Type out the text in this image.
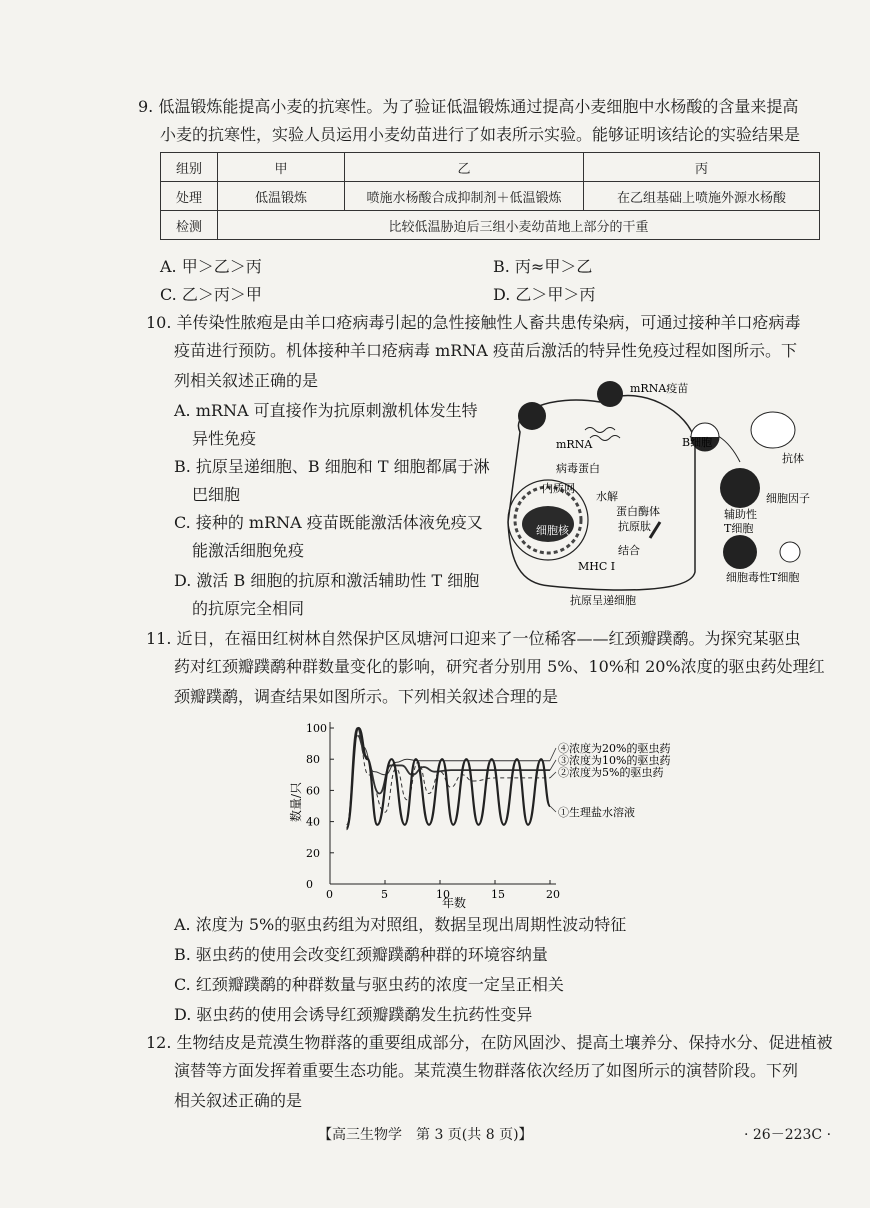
9. 低温锻炼能提高小麦的抗寒性。为了验证低温锻炼通过提高小麦细胞中水杨酸的含量来提高
小麦的抗寒性，实验人员运用小麦幼苗进行了如表所示实验。能够证明该结论的实验结果是
组别	甲	乙	丙
处理	低温锻炼	喷施水杨酸合成抑制剂＋低温锻炼	在乙组基础上喷施外源水杨酸
检测	比较低温胁迫后三组小麦幼苗地上部分的干重		
A. 甲＞乙＞丙	B. 丙≈甲＞乙
C. 乙＞丙＞甲	D. 乙＞甲＞丙
10. 羊传染性脓疱是由羊口疮病毒引起的急性接触性人畜共患传染病，可通过接种羊口疮病毒
疫苗进行预防。机体接种羊口疮病毒 mRNA 疫苗后激活的特异性免疫过程如图所示。下
列相关叙述正确的是
A. mRNA 可直接作为抗原刺激机体发生特
异性免疫
B. 抗原呈递细胞、B 细胞和 T 细胞都属于淋
巴细胞
C. 接种的 mRNA 疫苗既能激活体液免疫又
能激活细胞免疫
D. 激活 B 细胞的抗原和激活辅助性 T 细胞
的抗原完全相同
mRNA疫苗
B细胞
抗体
mRNA
病毒蛋白
内质网
水解
蛋白酶体
抗原肽
细胞核
MHC Ⅰ
结合
细胞因子
辅助性
T细胞
细胞毒性T细胞
抗原呈递细胞
11. 近日，在福田红树林自然保护区凤塘河口迎来了一位稀客——红颈瓣蹼鹬。为探究某驱虫
药对红颈瓣蹼鹬种群数量变化的影响，研究者分别用 5%、10%和 20%浓度的驱虫药处理红
颈瓣蹼鹬，调查结果如图所示。下列相关叙述合理的是
0	5	10	15	20
0
20
40
60
80
100
④浓度为20%的驱虫药
③浓度为10%的驱虫药
②浓度为5%的驱虫药
①生理盐水溶液
年数
数量/只
A. 浓度为 5%的驱虫药组为对照组，数据呈现出周期性波动特征
B. 驱虫药的使用会改变红颈瓣蹼鹬种群的环境容纳量
C. 红颈瓣蹼鹬的种群数量与驱虫药的浓度一定呈正相关
D. 驱虫药的使用会诱导红颈瓣蹼鹬发生抗药性变异
12. 生物结皮是荒漠生物群落的重要组成部分，在防风固沙、提高土壤养分、保持水分、促进植被
演替等方面发挥着重要生态功能。某荒漠生物群落依次经历了如图所示的演替阶段。下列
相关叙述正确的是
【高三生物学　第 3 页(共 8 页)】	· 26－223C ·
